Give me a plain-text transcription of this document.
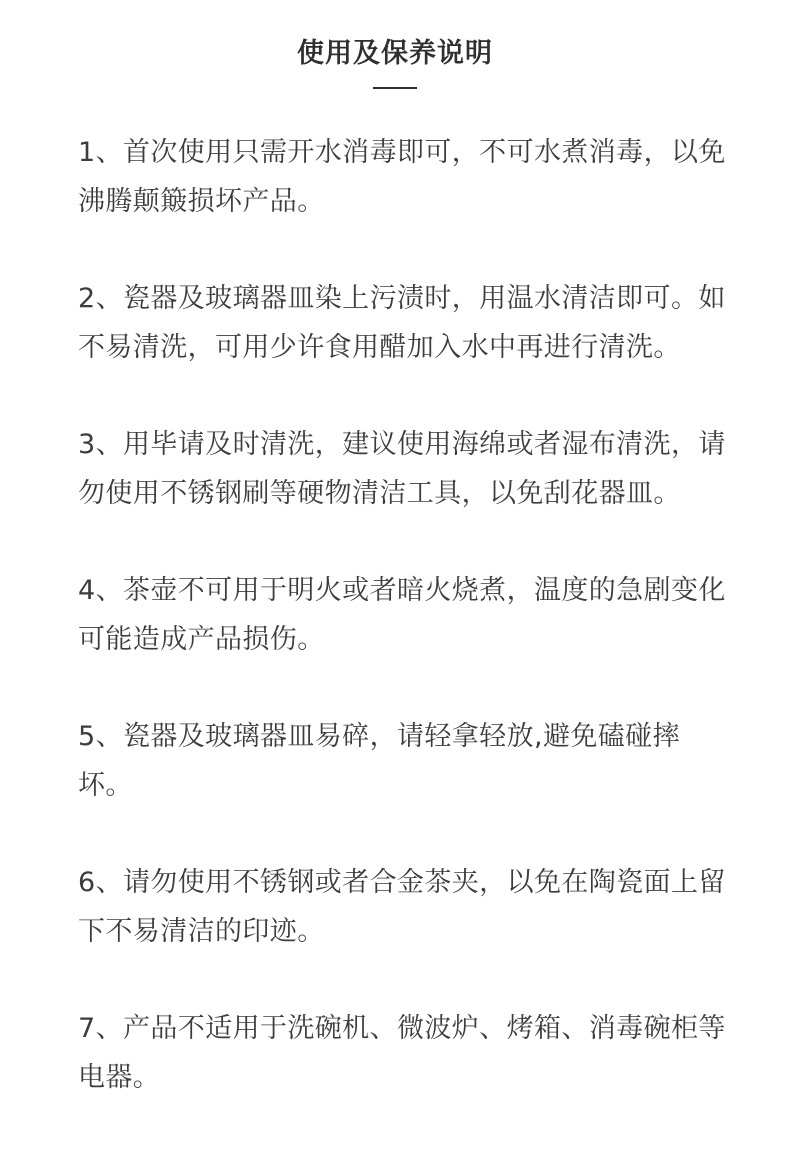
使用及保养说明

1、首次使用只需开水消毒即可，不可水煮消毒，以免沸腾颠簸损坏产品。

2、瓷器及玻璃器皿染上污渍时，用温水清洁即可。如不易清洗，可用少许食用醋加入水中再进行清洗。

3、用毕请及时清洗，建议使用海绵或者湿布清洗，请勿使用不锈钢刷等硬物清洁工具，以免刮花器皿。

4、茶壶不可用于明火或者暗火烧煮，温度的急剧变化可能造成产品损伤。

5、瓷器及玻璃器皿易碎，请轻拿轻放,避免磕碰摔坏。

6、请勿使用不锈钢或者合金茶夹，以免在陶瓷面上留下不易清洁的印迹。

7、产品不适用于洗碗机、微波炉、烤箱、消毒碗柜等电器。
